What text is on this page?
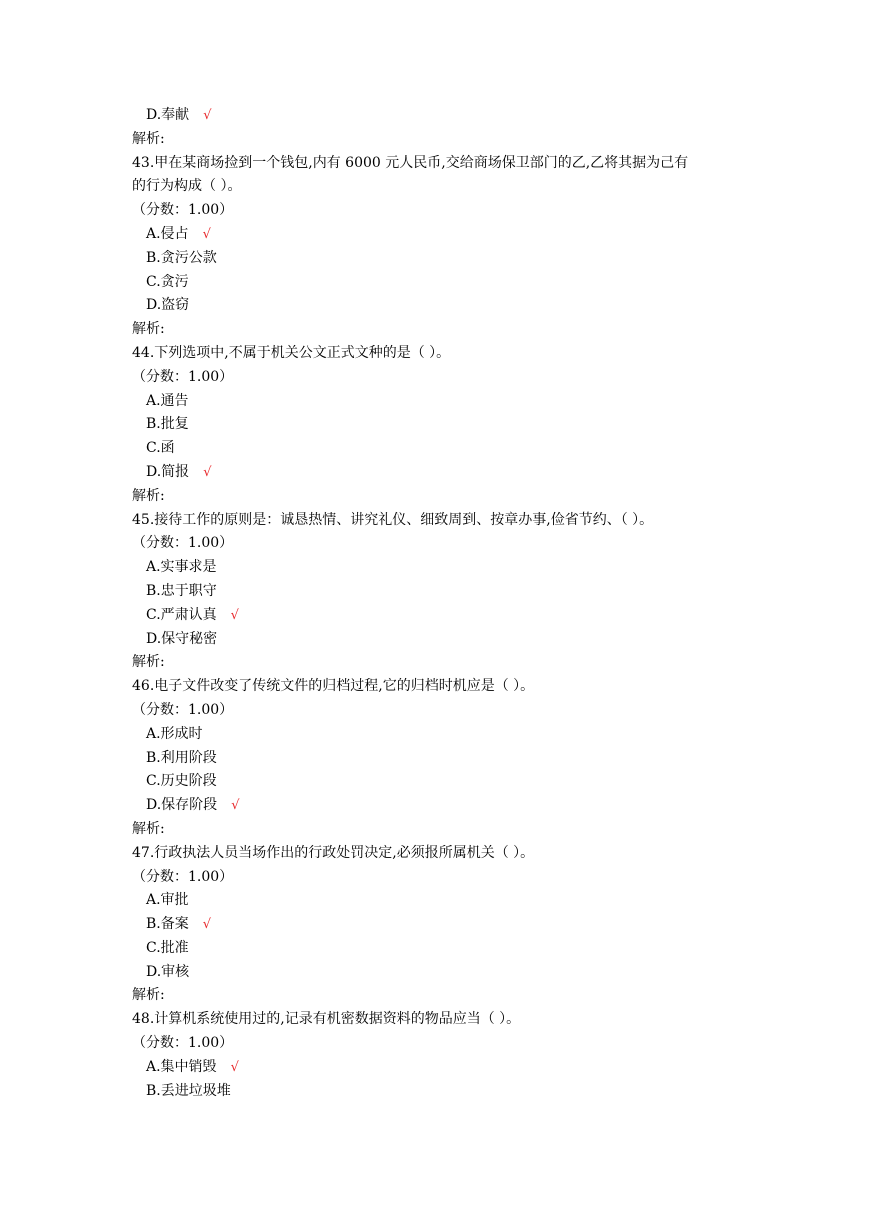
D.奉献 √
解析:
43.甲在某商场捡到一个钱包,内有 6000 元人民币,交给商场保卫部门的乙,乙将其据为己有
的行为构成（ ）。
（分数：1.00）
A.侵占 √
B.贪污公款
C.贪污
D.盗窃
解析:
44.下列选项中,不属于机关公文正式文种的是（ ）。
（分数：1.00）
A.通告
B.批复
C.函
D.简报 √
解析:
45.接待工作的原则是：诚恳热情、讲究礼仪、细致周到、按章办事,俭省节约、（ ）。
（分数：1.00）
A.实事求是
B.忠于职守
C.严肃认真 √
D.保守秘密
解析:
46.电子文件改变了传统文件的归档过程,它的归档时机应是（ ）。
（分数：1.00）
A.形成时
B.利用阶段
C.历史阶段
D.保存阶段 √
解析:
47.行政执法人员当场作出的行政处罚决定,必须报所属机关（ ）。
（分数：1.00）
A.审批
B.备案 √
C.批准
D.审核
解析:
48.计算机系统使用过的,记录有机密数据资料的物品应当（ ）。
（分数：1.00）
A.集中销毁 √
B.丢进垃圾堆
